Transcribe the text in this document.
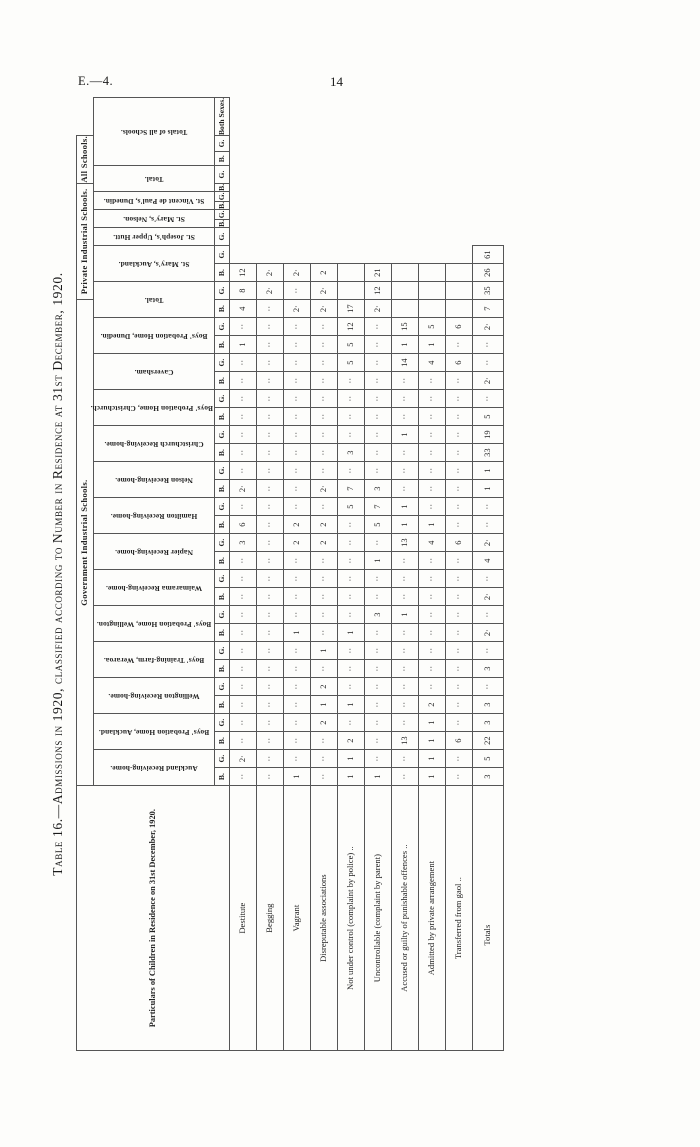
E.—4.	14
Table 16.—Admissions in 1920, classified according to Number in Residence at 31st December, 1920.
Particulars of Children in Residence on 31st December, 1920.	Government Industrial Schools.																											Private Industrial Schools.									All Schools.			

	Auckland Receiving-home.		Boys' Probation Home, Auckland.		Wellington Receiving-home.		Boys' Training-farm, Weraroa.		Boys' Probation Home, Wellington.		Waimarama Receiving-home.		Napier Receiving-home.		Hamilton Receiving-home.		Nelson Receiving-home.		Christchurch Receiving-home.		Boys' Probation Home, Christchurch.		Caversham.		Boys' Probation Home, Dunedin.		Total.		St. Mary's, Auckland.		St. Joseph's, Upper Hutt.	St. Mary's, Nelson.		St. Vincent de Paul's, Dunedin.		Total.		Totals of all Schools.		

	B.	G.	B.	G.	B.	G.	B.	G.	B.	G.	B.	G.	B.	G.	B.	G.	B.	G.	B.	G.	B.	G.	B.	G.	B.	G.	B.	G.	B.	G.	G.	B.	G.	B.	G.	B.	G.	B.	G.	Both Sexes.
Destitute	··	2·	··	··	··	··	··	··	··	··	··	··	··	3	6	··	2·	··	··	··	··	··	··	··	1	··	4	8	12											
Begging	··	··	··	··	··	··	··	··	··	··	··	··	··	··	··	··	··	··	··	··	··	··	··	··	··	··	··	2·	2·											
Vagrant	1	··	··	··	··	··	··	··	1	··	··	··	··	2	2	··	··	··	··	··	··	··	··	··	··	··	2·	··	2·											
Disreputable associations	··	··	··	2	1	2	··	1	··	··	··	··	··	2	2	··	2·	··	··	··	··	··	··	··	··	··	2·	2·	2											
Not under control (complaint by police) ..	1	1	2	··	1	··	··	··	1	··	··	··	··	··	··	5	7	··	3	··	··	··	··	5	5	12	17													
Uncontrollable (complaint by parent)	1	··	··	··	··	··	··	··	··	3	··	··	1	··	5	7	3	··	··	··	··	··	··	··	··	··	2·	12	21											
Accused or guilty of punishable offences ..	··	··	13	··	··	··	··	··	··	1	··	··	··	13	1	1	··	··	··	1	··	··	··	14	1	15														
Admitted by private arrangement	1	1	1	1	2	··	··	··	··	··	··	··	··	4	1	··	··	··	··	··	··	··	··	4	1	5														
Transferred from gaol ..	··	··	6	··	··	··	··	··	··	··	··	··	··	6	··	··	··	··	··	··	··	··	··	6	··	6														
Totals	3	5	22	3	3	··	3	··	2·	··	2·	··	4	2·	··	··	1	1	33	19	5	··	2·	··	··	2·	7	35	26	61										
